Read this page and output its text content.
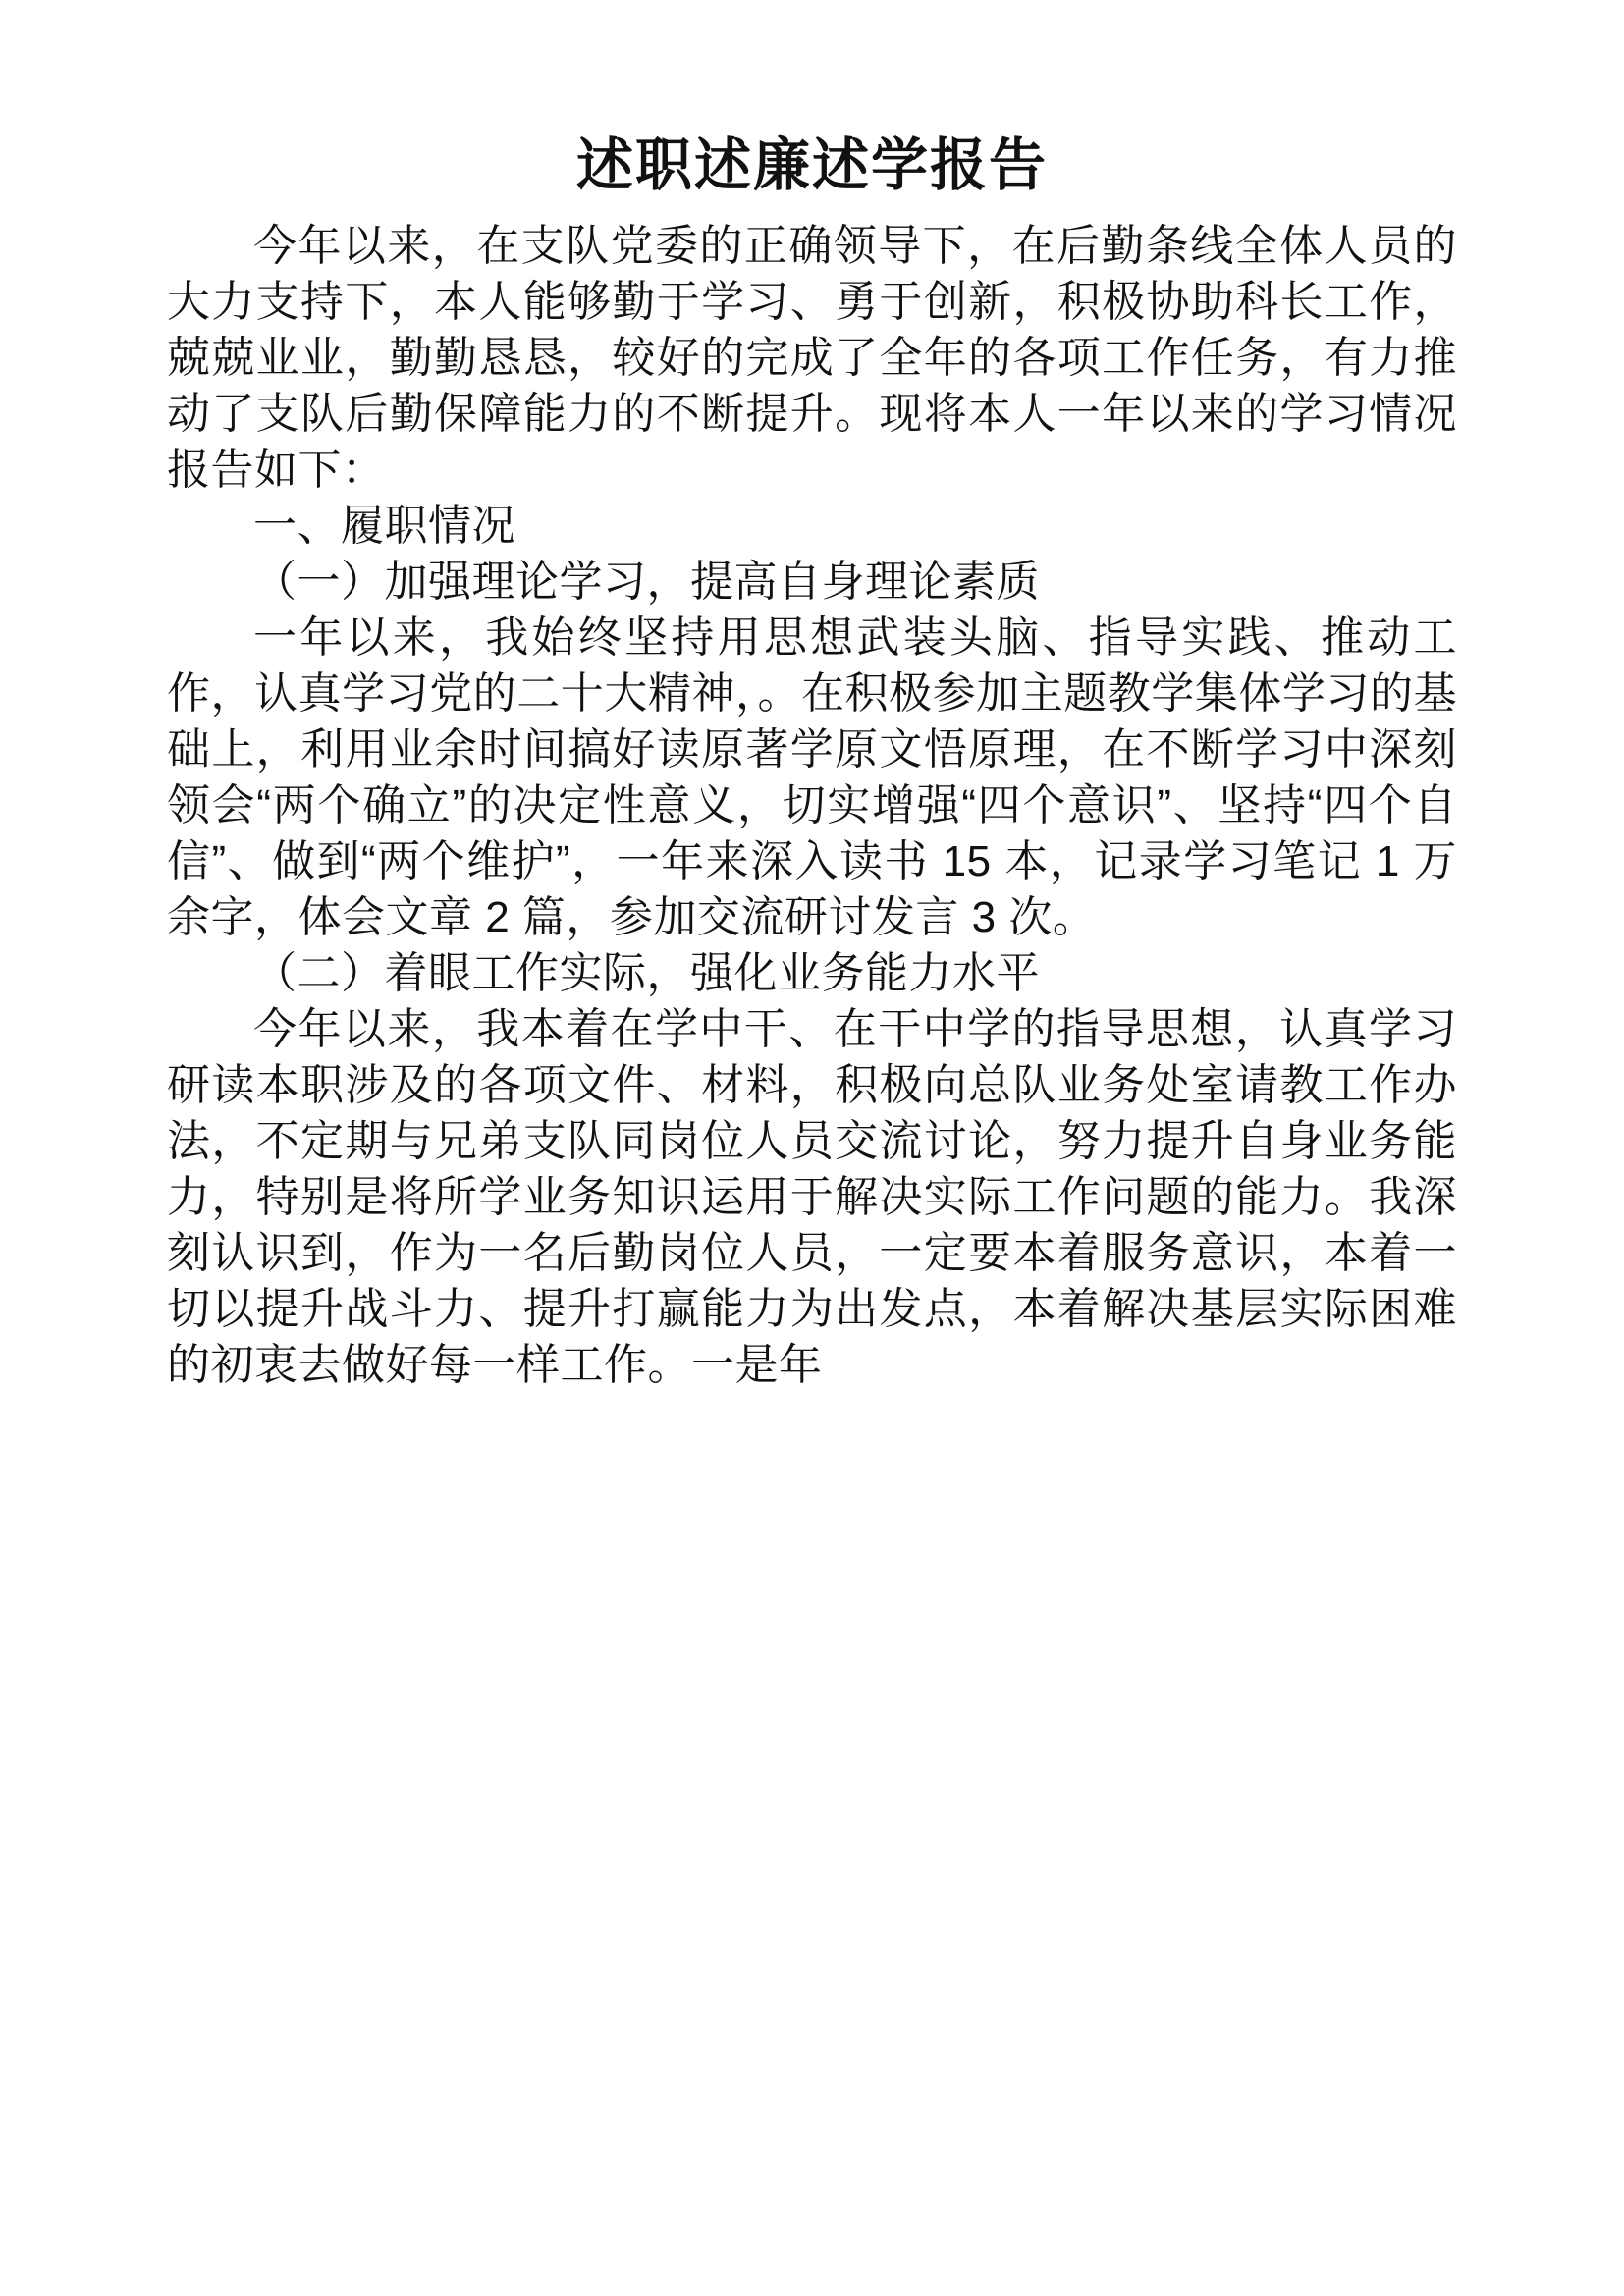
述职述廉述学报告

今年以来，在支队党委的正确领导下，在后勤条线全体人员的大力支持下，本人能够勤于学习、勇于创新，积极协助科长工作，兢兢业业，勤勤恳恳，较好的完成了全年的各项工作任务，有力推动了支队后勤保障能力的不断提升。现将本人一年以来的学习情况报告如下：

一、履职情况

（一）加强理论学习，提高自身理论素质

一年以来，我始终坚持用思想武装头脑、指导实践、推动工作，认真学习党的二十大精神，。在积极参加主题教学集体学习的基础上，利用业余时间搞好读原著学原文悟原理，在不断学习中深刻领会“两个确立”的决定性意义，切实增强“四个意识”、坚持“四个自信”、做到“两个维护”，一年来深入读书 15 本，记录学习笔记 1 万余字，体会文章 2 篇，参加交流研讨发言 3 次。

（二）着眼工作实际，强化业务能力水平

今年以来，我本着在学中干、在干中学的指导思想，认真学习研读本职涉及的各项文件、材料，积极向总队业务处室请教工作办法，不定期与兄弟支队同岗位人员交流讨论，努力提升自身业务能力，特别是将所学业务知识运用于解决实际工作问题的能力。我深刻认识到，作为一名后勤岗位人员，一定要本着服务意识，本着一切以提升战斗力、提升打赢能力为出发点，本着解决基层实际困难的初衷去做好每一样工作。一是年
